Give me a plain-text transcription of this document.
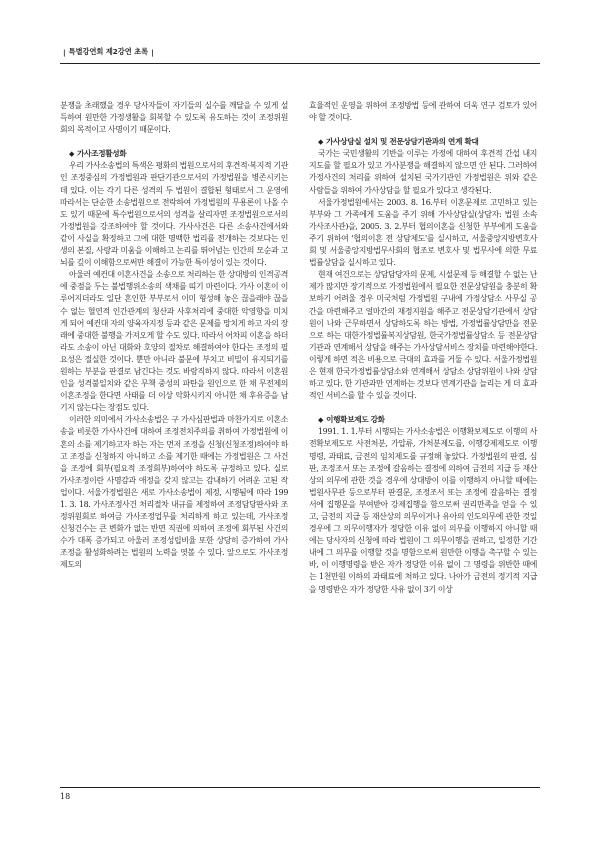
| 특별강연회 제2강연 초록 |

분쟁을 초래했을 경우 당사자들이 자기들의 실수를 깨달을 수 있게 설득하여 원만한 가정생활을 회복할 수 있도록 유도하는 것이 조정위원회의 목적이고 사명이기 때문이다.

◆ 가사조정활성화

우리 가사소송법의 특색은 평화의 법원으로서의 후견적·복지적 기관인 조정중심의 가정법원과 판단기관으로서의 가정법원을 병존시키는데 있다. 이는 각기 다른 성격의 두 법원이 결합된 형태로서 그 운영에 따라서는 단순한 소송법원으로 전락하여 가정법원의 무용론이 나올 수도 있기 때문에 특수법원으로서의 성격을 살리자면 조정법원으로서의 가정법원을 강조하여야 할 것이다. 가사사건은 다른 소송사건에서와 같이 사실을 확정하고 그에 대한 명백한 법리를 전개하는 것보다는 인생의 본질, 사랑과 미움을 이해하고 논리를 뛰어넘는 인간의 모순과 고뇌를 깊이 이해함으로써만 해결이 가능한 특이성이 있는 것이다.

아울러 예컨대 이혼사건을 소송으로 처리하는 한 상대방의 인격공격에 중점을 두는 불법행위소송의 색채를 띠기 마련이다. 가사 이혼이 이루어지더라도 일단 혼인한 부부로서 이미 형성해 놓은 끊을래야 끊을 수 없는 혈연적 인간관계의 청산과 사후처리에 중대한 악영향을 미치게 되어 예컨대 자의 양육자지정 등과 같은 문제를 망치게 하고 자의 장래에 중대한 불행을 가져오게 할 수도 있다. 따라서 어차피 이혼을 하더라도 소송이 아닌 대화와 호양의 절차로 해결하여야 한다는 조정의 필요성은 절실한 것이다. 뿐만 아니라 불문에 부치고 비밀이 유지되기를 원하는 부분을 판결로 남긴다는 것도 바람직하지 않다. 따라서 이혼원인을 성격불일치와 같은 무책 중성의 파탄을 원인으로 한 채 무전제의 이혼조정을 한다면 사태를 더 이상 악화시키지 아니한 채 후유증을 남기지 않는다는 장점도 있다.

이러한 의미에서 가사소송법은 구 가사심판법과 마찬가지로 이혼소송을 비롯한 가사사건에 대하여 조정전치주의를 취하여 가정법원에 이혼의 소를 제기하고자 하는 자는 먼저 조정을 신청(신청조정)하여야 하고 조정을 신청하지 아니하고 소를 제기한 때에는 가정법원은 그 사건을 조정에 회부(필요적 조정회부)하여야 하도록 규정하고 있다. 실로 가사조정이란 사명감과 애정을 갖지 않고는 감내하기 어려운 고된 작업이다. 서울가정법원은 새로 가사소송법이 제정, 시행됨에 따라 1991. 3. 18. 가사조정사건 처리절차 내규를 제정하여 조정담당판사와 조정위원회로 하여금 가사조정업무를 처리하게 하고 있는데, 가사조정 신청건수는 큰 변화가 없는 반면 직권에 의하여 조정에 회부된 사건의 수가 대폭 증가되고 아울러 조정성립비율 또한 상당히 증가하여 가사조정을 활성화하려는 법원의 노력을 엿볼 수 있다. 앞으로도 가사조정제도의

효율적인 운영을 위하여 조정방법 등에 관하여 더욱 연구 검토가 있어야 할 것이다.

◆ 가사상담실 설치 및 전문상담기관과의 연계 확대

국가는 국민생활의 기반을 이루는 가정에 대하여 후견적 간섭 내지 지도를 할 필요가 있고 가사분쟁을 해결하지 않으면 안 된다. 그러하여 가정사건의 처리를 위하여 설치된 국가기관인 가정법원은 위와 같은 사람들을 위하여 가사상담을 할 필요가 있다고 생각된다.

서울가정법원에서는 2003. 8. 16.부터 이혼문제로 고민하고 있는 부부와 그 가족에게 도움을 주기 위해 가사상담실(상담자: 법원 소속 가사조사관)을, 2005. 3. 2.부터 협의이혼을 신청한 부부에게 도움을 주기 위하여 '협의이혼 전 상담제도'를 실시하고, 서울중앙지방변호사회 및 서울중앙지방법무사회의 협조로 변호사 및 법무사에 의한 무료법률상담을 실시하고 있다.

현재 여건으로는 상담담당자의 문제, 시설문제 등 해결할 수 없는 난제가 많지만 장기적으로 가정법원에서 필요한 전문상담원을 충분히 확보하기 어려울 경우 미국처럼 가정법원 구내에 가정상담소 사무실 공간을 마련해주고 얼마간의 재정지원을 해주고 전문상담기관에서 상담원이 나와 근무하면서 상담하도록 하는 방법, 가정법률상담만을 전문으로 하는 대한가정법률복지상담원, 한국가정법률상담소 등 전문상담기관과 연계해서 상담을 해주는 가사상담서비스 장치를 마련해야한다. 이렇게 하면 적은 비용으로 극대의 효과를 거둘 수 있다. 서울가정법원은 현재 한국가정법률상담소와 연계해서 상담소 상담위원이 나와 상담하고 있다. 한 기관과만 연계하는 것보다 연계기관을 늘리는 게 더 효과적인 서비스를 할 수 있을 것이다.

◆ 이행확보제도 강화

1991. 1. 1.부터 시행되는 가사소송법은 이행확보제도로 이행의 사전확보제도로 사전처분, 가압류, 가처분제도를, 이행강제제도로 이행명령, 과태료, 금전의 임치제도를 규정해 놓았다. 가정법원의 판결, 심판, 조정조서 또는 조정에 갈음하는 결정에 의하여 금전의 지급 등 재산상의 의무에 관한 것을 경우에 상대방이 이를 이행하지 아니할 때에는 법원사무관 등으로부터 판결문, 조정조서 또는 조정에 갈음하는 결정서에 집행문을 부여받아 강제집행을 함으로써 권리만족을 얻을 수 있고, 금전의 지급 등 재산상의 의무이거나 유아의 인도의무에 관한 것일 경우에 그 의무이행자가 정당한 이유 없이 의무를 이행하지 아니할 때에는 당사자의 신청에 따라 법원이 그 의무이행을 권하고, 일정한 기간 내에 그 의무를 이행할 것을 명함으로써 원만한 이행을 촉구할 수 있는바, 이 이행명령을 받은 자가 정당한 이유 없이 그 명령을 위반한 때에는 1천만원 이하의 과태료에 처하고 있다. 나아가 금전의 정기적 지급을 명령받은 자가 정당한 사유 없이 3기 이상

18
